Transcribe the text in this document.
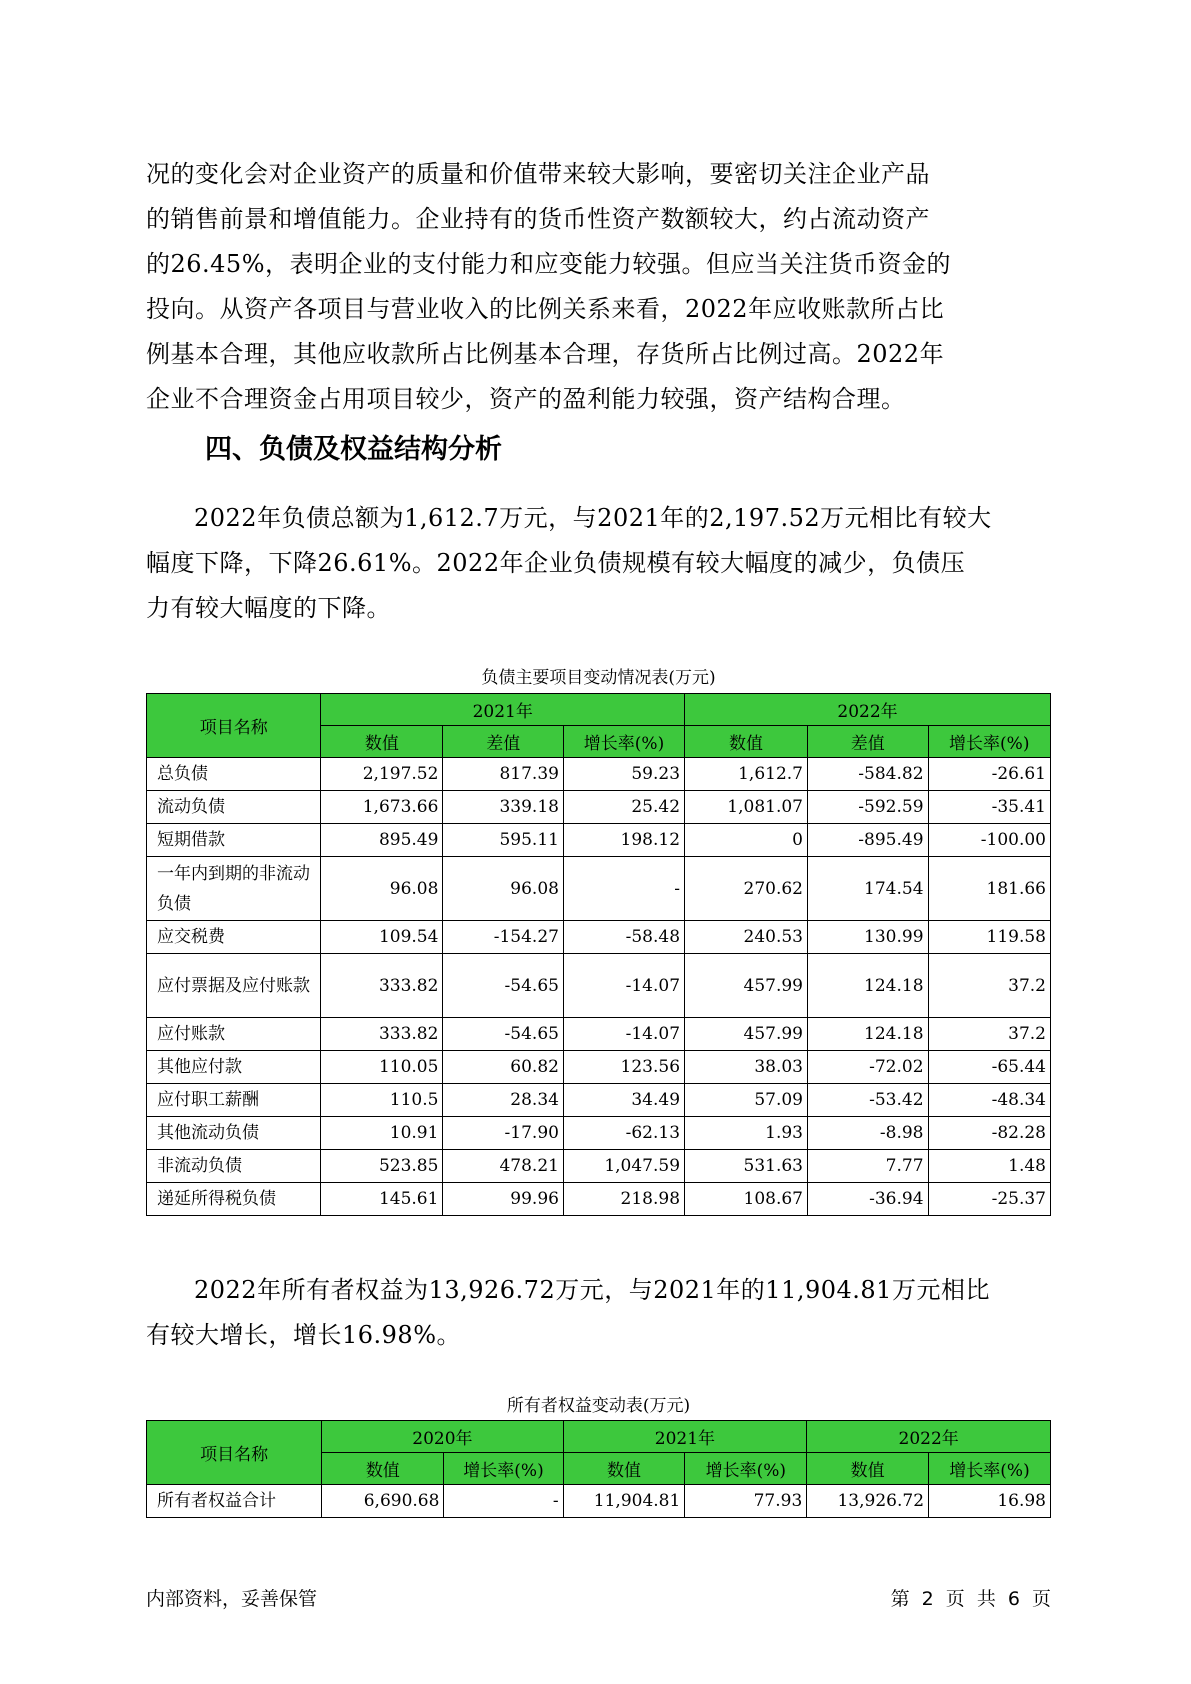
况的变化会对企业资产的质量和价值带来较大影响，要密切关注企业产品
的销售前景和增值能力。企业持有的货币性资产数额较大，约占流动资产
的26.45%，表明企业的支付能力和应变能力较强。但应当关注货币资金的
投向。从资产各项目与营业收入的比例关系来看，2022年应收账款所占比
例基本合理，其他应收款所占比例基本合理，存货所占比例过高。2022年
企业不合理资金占用项目较少，资产的盈利能力较强，资产结构合理。

四、负债及权益结构分析

2022年负债总额为1,612.7万元，与2021年的2,197.52万元相比有较大
幅度下降，下降26.61%。2022年企业负债规模有较大幅度的减少，负债压
力有较大幅度的下降。

负债主要项目变动情况表(万元)
项目名称	2021年			2022年		
	数值	差值	增长率(%)	数值	差值	增长率(%)
总负债	2,197.52	817.39	59.23	1,612.7	-584.82	-26.61
流动负债	1,673.66	339.18	25.42	1,081.07	-592.59	-35.41
短期借款	895.49	595.11	198.12	0	-895.49	-100.00
一年内到期的非流动负债	96.08	96.08	-	270.62	174.54	181.66
应交税费	109.54	-154.27	-58.48	240.53	130.99	119.58
应付票据及应付账款	333.82	-54.65	-14.07	457.99	124.18	37.2
应付账款	333.82	-54.65	-14.07	457.99	124.18	37.2
其他应付款	110.05	60.82	123.56	38.03	-72.02	-65.44
应付职工薪酬	110.5	28.34	34.49	57.09	-53.42	-48.34
其他流动负债	10.91	-17.90	-62.13	1.93	-8.98	-82.28
非流动负债	523.85	478.21	1,047.59	531.63	7.77	1.48
递延所得税负债	145.61	99.96	218.98	108.67	-36.94	-25.37

2022年所有者权益为13,926.72万元，与2021年的11,904.81万元相比
有较大增长，增长16.98%。

所有者权益变动表(万元)
项目名称	2020年		2021年		2022年	
	数值	增长率(%)	数值	增长率(%)	数值	增长率(%)
所有者权益合计	6,690.68	-	11,904.81	77.93	13,926.72	16.98
内部资料，妥善保管	第 2 页 共 6 页
